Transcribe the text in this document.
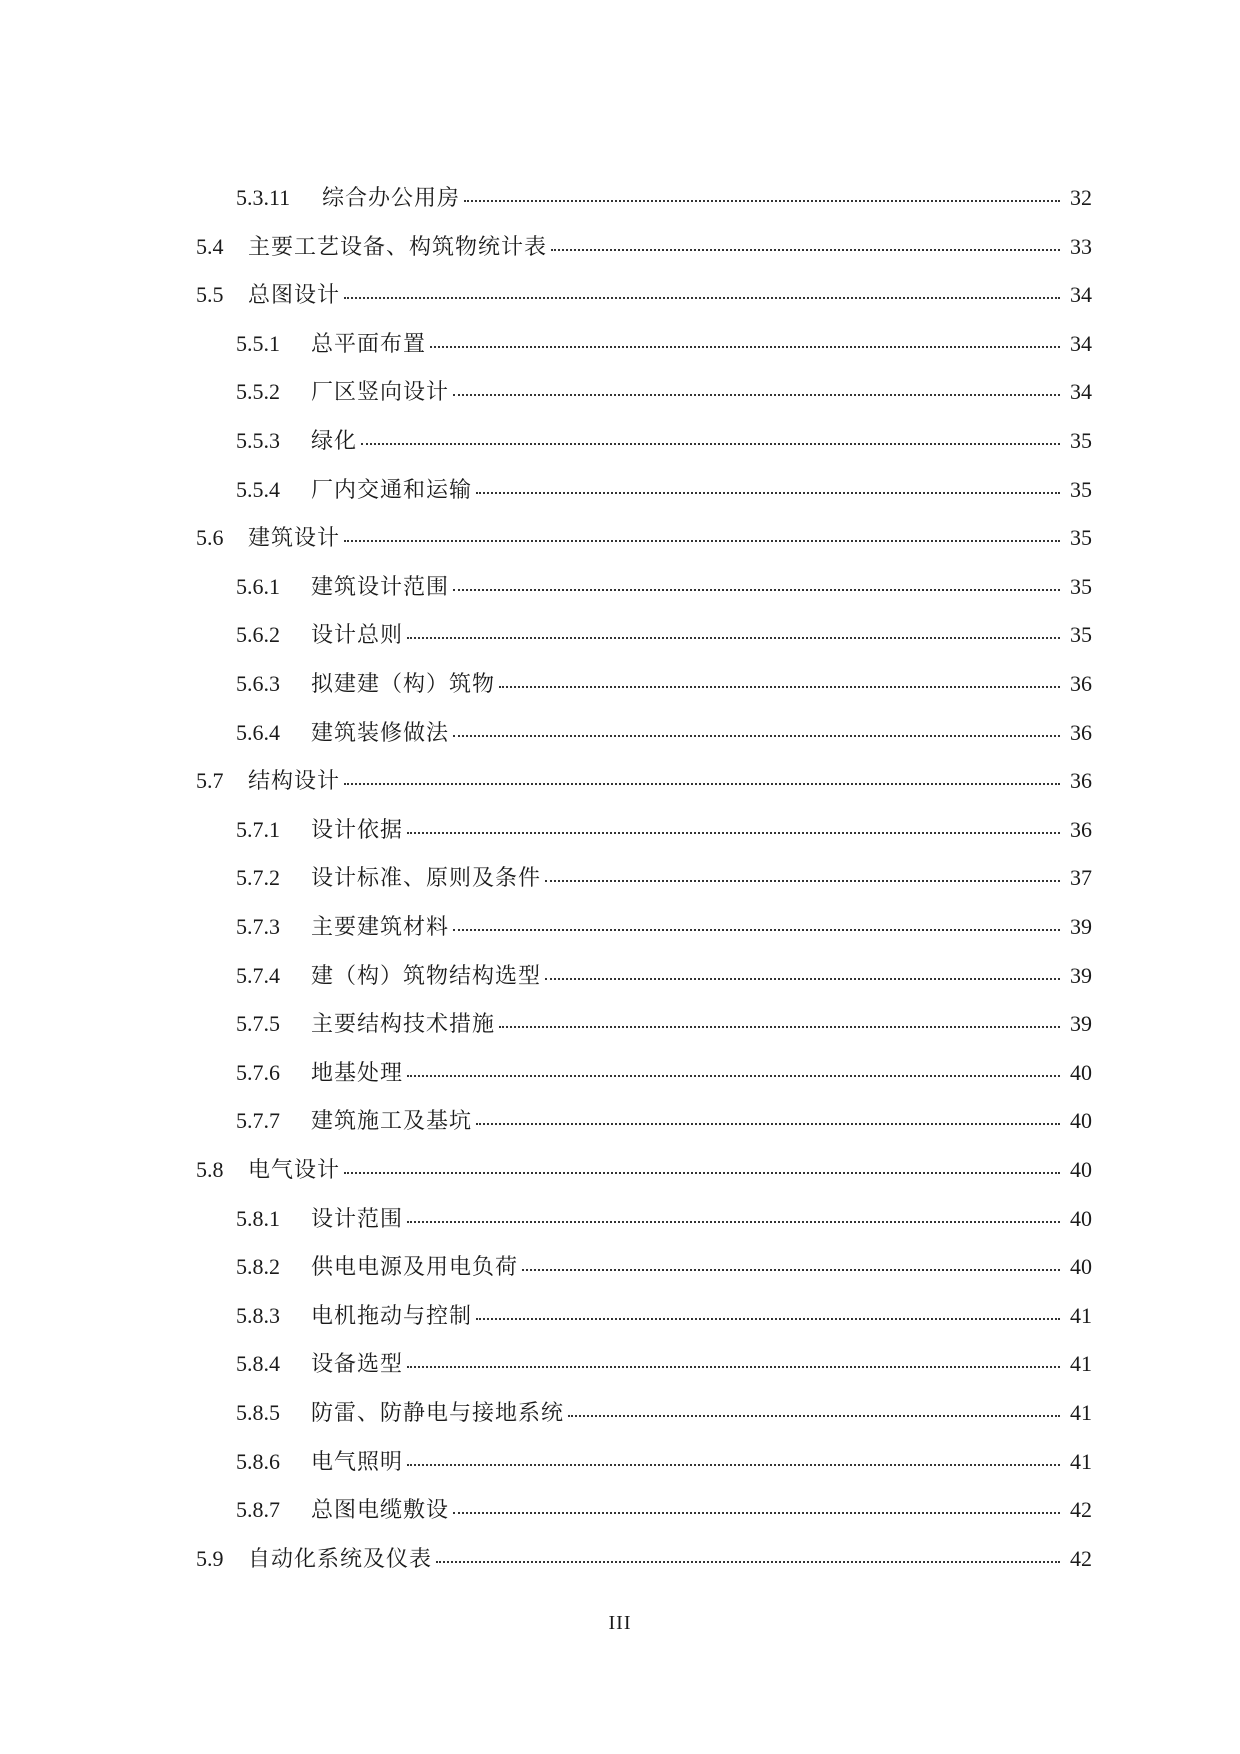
5.3.11	综合办公用房	32
5.4	主要工艺设备、构筑物统计表	33
5.5	总图设计	34
5.5.1	总平面布置	34
5.5.2	厂区竖向设计	34
5.5.3	绿化	35
5.5.4	厂内交通和运输	35
5.6	建筑设计	35
5.6.1	建筑设计范围	35
5.6.2	设计总则	35
5.6.3	拟建建（构）筑物	36
5.6.4	建筑装修做法	36
5.7	结构设计	36
5.7.1	设计依据	36
5.7.2	设计标准、原则及条件	37
5.7.3	主要建筑材料	39
5.7.4	建（构）筑物结构选型	39
5.7.5	主要结构技术措施	39
5.7.6	地基处理	40
5.7.7	建筑施工及基坑	40
5.8	电气设计	40
5.8.1	设计范围	40
5.8.2	供电电源及用电负荷	40
5.8.3	电机拖动与控制	41
5.8.4	设备选型	41
5.8.5	防雷、防静电与接地系统	41
5.8.6	电气照明	41
5.8.7	总图电缆敷设	42
5.9	自动化系统及仪表	42
III
